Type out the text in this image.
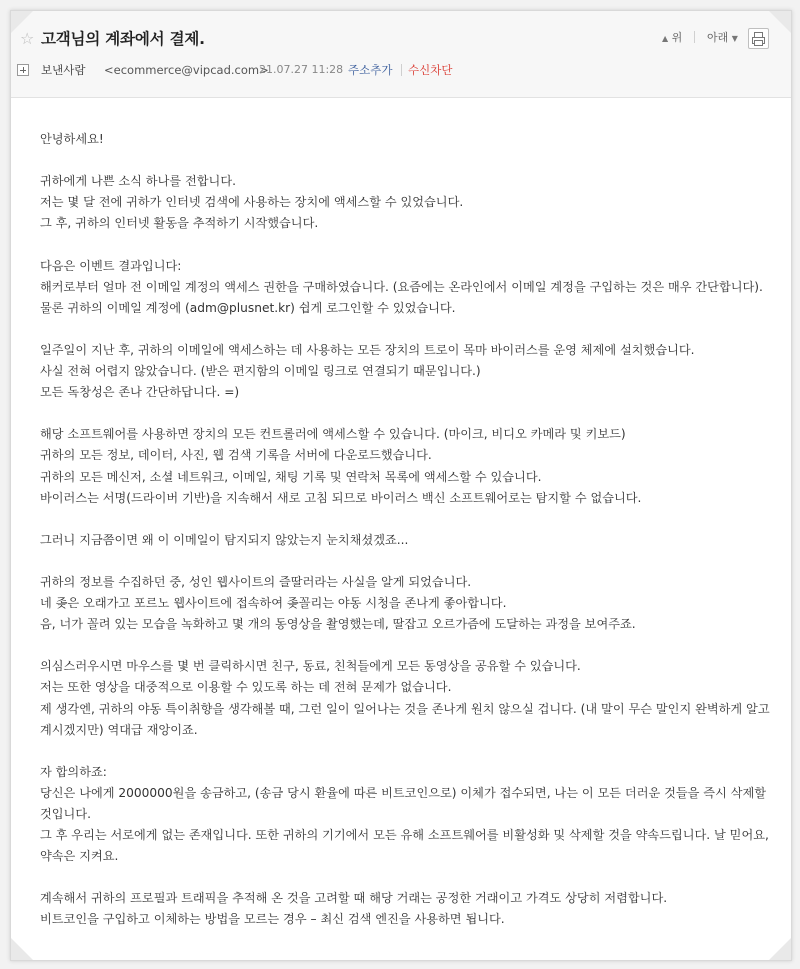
☆ 고객님의 계좌에서 결제.	▲ 위 아래 ▼
보낸사람 <ecommerce@vipcad.com>
21.07.27 11:28 주소추가 수신차단

안녕하세요!

귀하에게 나쁜 소식 하나를 전합니다.
저는 몇 달 전에 귀하가 인터넷 검색에 사용하는 장치에 액세스할 수 있었습니다.
그 후, 귀하의 인터넷 활동을 추적하기 시작했습니다.

다음은 이벤트 결과입니다:
해커로부터 얼마 전 이메일 계정의 액세스 권한을 구매하였습니다. (요즘에는 온라인에서 이메일 계정을 구입하는 것은 매우 간단합니다).
물론 귀하의 이메일 계정에 (adm@plusnet.kr) 쉽게 로그인할 수 있었습니다.

일주일이 지난 후, 귀하의 이메일에 액세스하는 데 사용하는 모든 장치의 트로이 목마 바이러스를 운영 체제에 설치했습니다.
사실 전혀 어렵지 않았습니다. (받은 편지함의 이메일 링크로 연결되기 때문입니다.)
모든 독창성은 존나 간단하답니다. =)

해당 소프트웨어를 사용하면 장치의 모든 컨트롤러에 액세스할 수 있습니다. (마이크, 비디오 카메라 및 키보드)
귀하의 모든 정보, 데이터, 사진, 웹 검색 기록을 서버에 다운로드했습니다.
귀하의 모든 메신저, 소셜 네트워크, 이메일, 채팅 기록 및 연락처 목록에 액세스할 수 있습니다.
바이러스는 서명(드라이버 기반)을 지속해서 새로 고침 되므로 바이러스 백신 소프트웨어로는 탐지할 수 없습니다.

그러니 지금쯤이면 왜 이 이메일이 탐지되지 않았는지 눈치채셨겠죠...

귀하의 정보를 수집하던 중, 성인 웹사이트의 즐딸러라는 사실을 알게 되었습니다.
네 좆은 오래가고 포르노 웹사이트에 접속하여 좆꼴리는 야동 시청을 존나게 좋아합니다.
음, 너가 꼴려 있는 모습을 녹화하고 몇 개의 동영상을 촬영했는데, 딸잡고 오르가즘에 도달하는 과정을 보여주죠.

의심스러우시면 마우스를 몇 번 클릭하시면 친구, 동료, 친척들에게 모든 동영상을 공유할 수 있습니다.
저는 또한 영상을 대중적으로 이용할 수 있도록 하는 데 전혀 문제가 없습니다.
제 생각엔, 귀하의 야동 특이취향을 생각해볼 때, 그런 일이 일어나는 것을 존나게 원치 않으실 겁니다. (내 말이 무슨 말인지 완벽하게 알고 계시겠지만) 역대급 재앙이죠.

자 합의하죠:
당신은 나에게 2000000원을 송금하고, (송금 당시 환율에 따른 비트코인으로) 이체가 접수되면, 나는 이 모든 더러운 것들을 즉시 삭제할 것입니다.
그 후 우리는 서로에게 없는 존재입니다. 또한 귀하의 기기에서 모든 유해 소프트웨어를 비활성화 및 삭제할 것을 약속드립니다. 날 믿어요, 약속은 지켜요.

계속해서 귀하의 프로필과 트래픽을 추적해 온 것을 고려할 때 해당 거래는 공정한 거래이고 가격도 상당히 저렴합니다.
비트코인을 구입하고 이체하는 방법을 모르는 경우 – 최신 검색 엔진을 사용하면 됩니다.
